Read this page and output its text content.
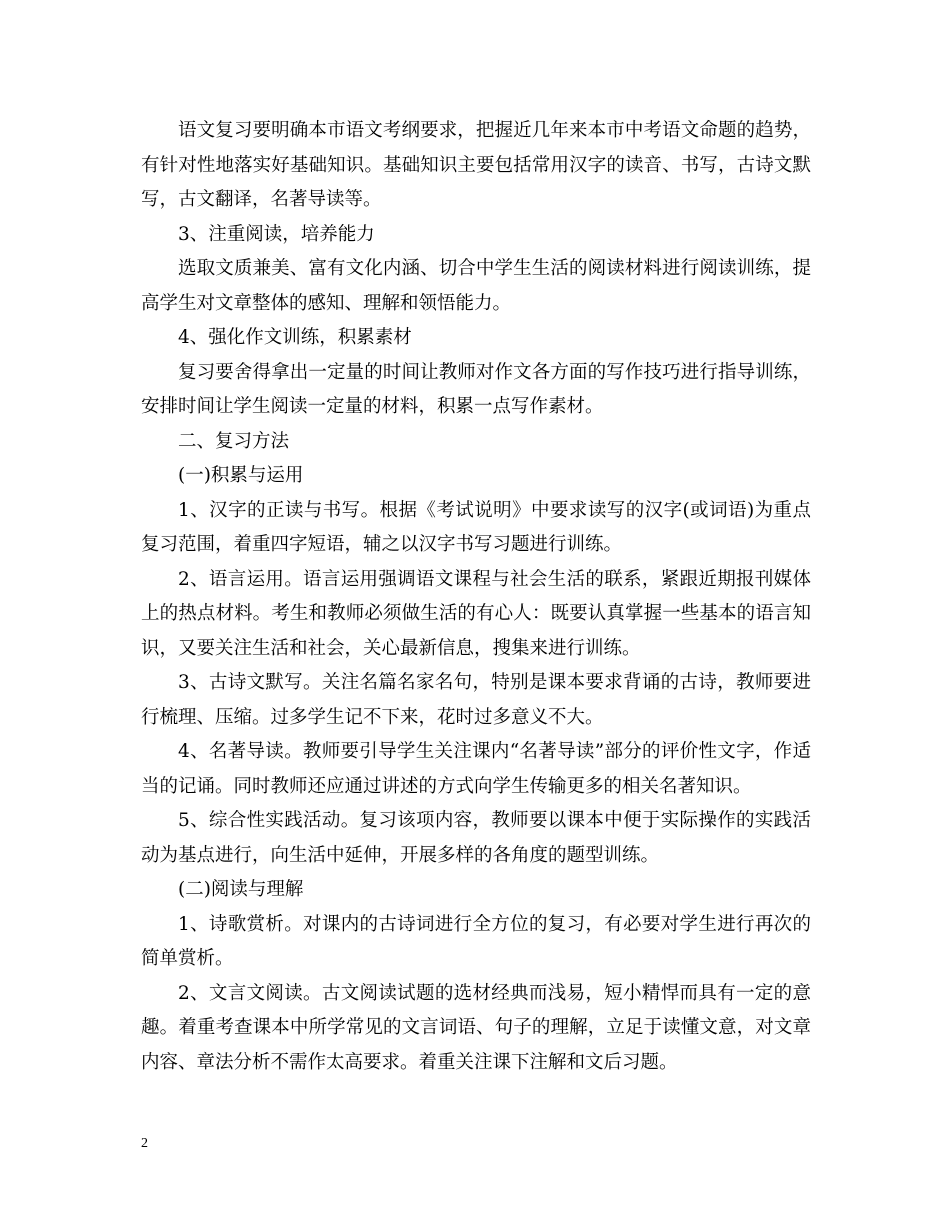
语文复习要明确本市语文考纲要求，把握近几年来本市中考语文命题的趋势，有针对性地落实好基础知识。基础知识主要包括常用汉字的读音、书写，古诗文默写，古文翻译，名著导读等。

3、注重阅读，培养能力

选取文质兼美、富有文化内涵、切合中学生生活的阅读材料进行阅读训练，提高学生对文章整体的感知、理解和领悟能力。

4、强化作文训练，积累素材

复习要舍得拿出一定量的时间让教师对作文各方面的写作技巧进行指导训练，安排时间让学生阅读一定量的材料，积累一点写作素材。

二、复习方法

(一)积累与运用

1、汉字的正读与书写。根据《考试说明》中要求读写的汉字(或词语)为重点复习范围，着重四字短语，辅之以汉字书写习题进行训练。

2、语言运用。语言运用强调语文课程与社会生活的联系，紧跟近期报刊媒体上的热点材料。考生和教师必须做生活的有心人：既要认真掌握一些基本的语言知识，又要关注生活和社会，关心最新信息，搜集来进行训练。

3、古诗文默写。关注名篇名家名句，特别是课本要求背诵的古诗，教师要进行梳理、压缩。过多学生记不下来，花时过多意义不大。

4、名著导读。教师要引导学生关注课内“名著导读”部分的评价性文字，作适当的记诵。同时教师还应通过讲述的方式向学生传输更多的相关名著知识。

5、综合性实践活动。复习该项内容，教师要以课本中便于实际操作的实践活动为基点进行，向生活中延伸，开展多样的各角度的题型训练。

(二)阅读与理解

1、诗歌赏析。对课内的古诗词进行全方位的复习，有必要对学生进行再次的简单赏析。

2、文言文阅读。古文阅读试题的选材经典而浅易，短小精悍而具有一定的意趣。着重考查课本中所学常见的文言词语、句子的理解，立足于读懂文意，对文章内容、章法分析不需作太高要求。着重关注课下注解和文后习题。

2
